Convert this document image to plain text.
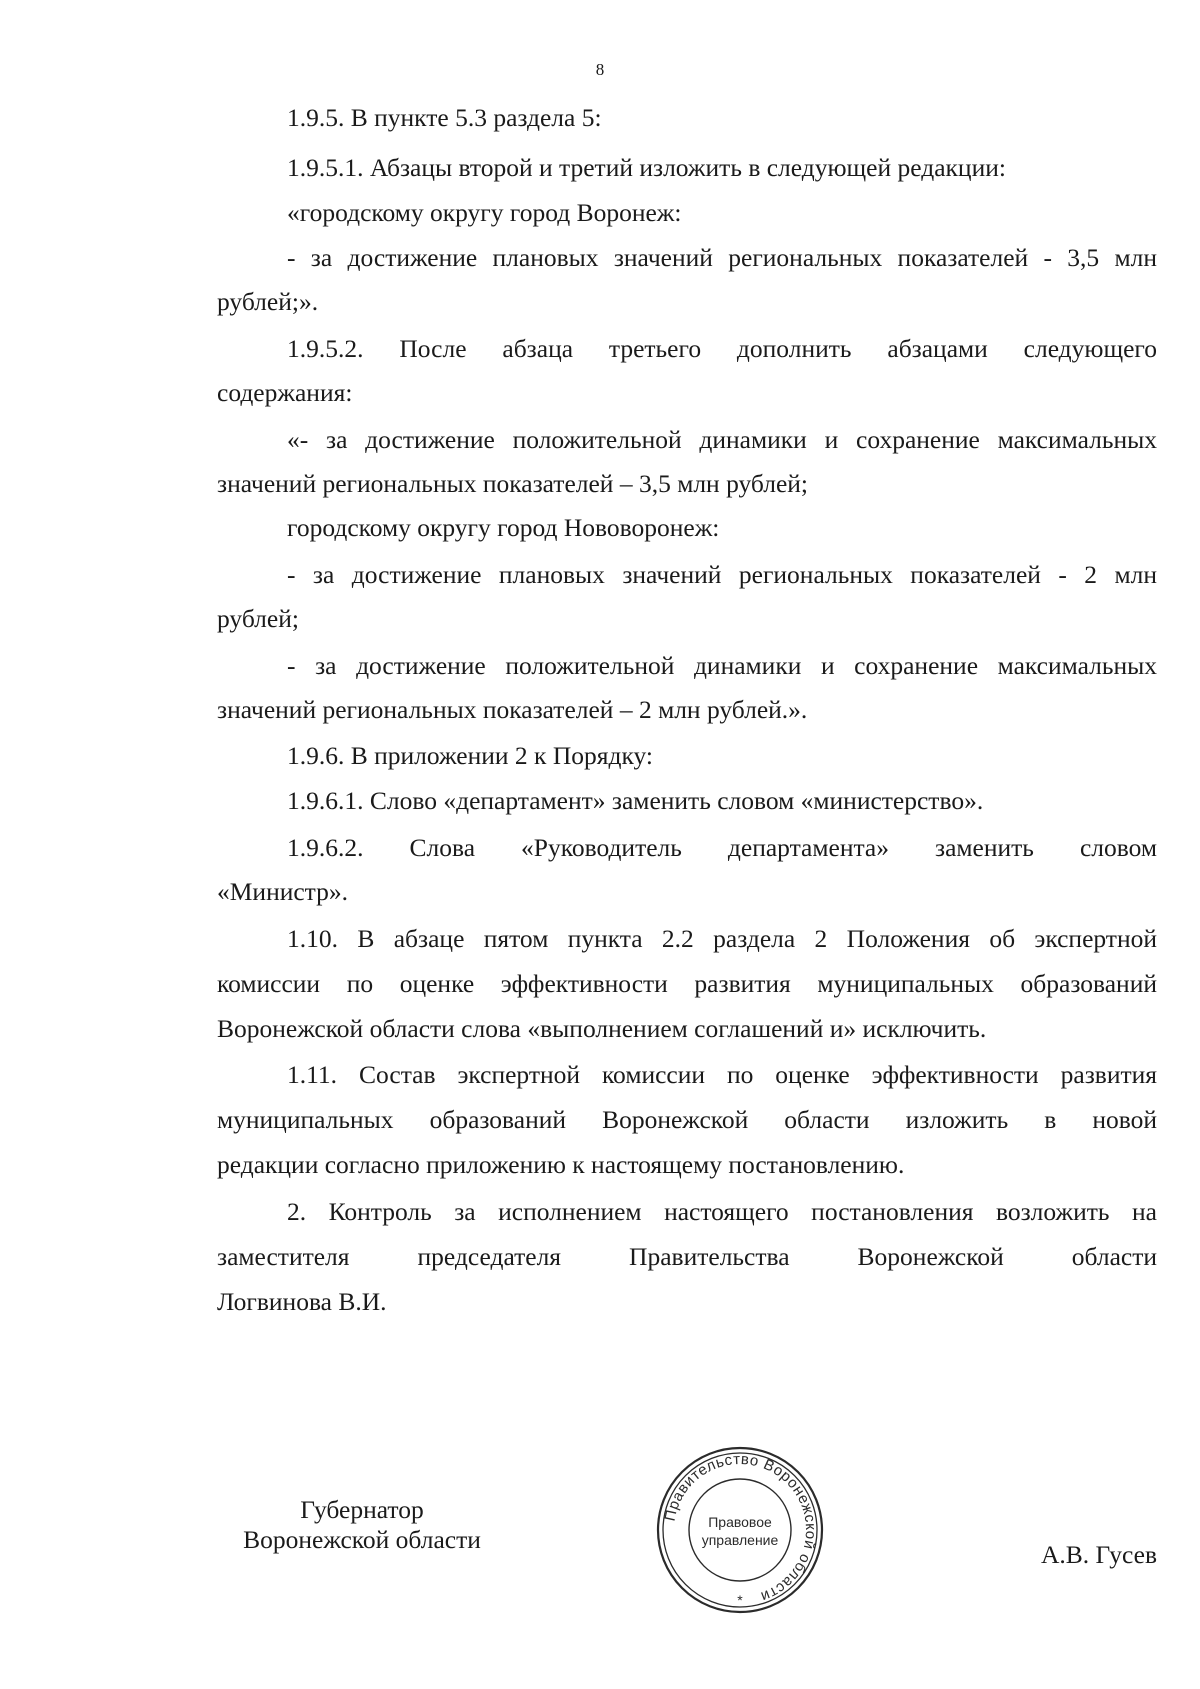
8
1.9.5. В пункте 5.3 раздела 5:
1.9.5.1. Абзацы второй и третий изложить в следующей редакции:
«городскому округу город Воронеж:
- за достижение плановых значений региональных показателей - 3,5 млн
рублей;».
1.9.5.2. После абзаца третьего дополнить абзацами следующего
содержания:
«- за достижение положительной динамики и сохранение максимальных
значений региональных показателей – 3,5 млн рублей;
городскому округу город Нововоронеж:
- за достижение плановых значений региональных показателей - 2 млн
рублей;
- за достижение положительной динамики и сохранение максимальных
значений региональных показателей – 2 млн рублей.».
1.9.6. В приложении 2 к Порядку:
1.9.6.1. Слово «департамент» заменить словом «министерство».
1.9.6.2. Слова «Руководитель департамента» заменить словом
«Министр».
1.10. В абзаце пятом пункта 2.2 раздела 2 Положения об экспертной
комиссии по оценке эффективности развития муниципальных образований
Воронежской области слова «выполнением соглашений и» исключить.
1.11. Состав экспертной комиссии по оценке эффективности развития
муниципальных образований Воронежской области изложить в новой
редакции согласно приложению к настоящему постановлению.
2. Контроль за исполнением настоящего постановления возложить на
заместителя председателя Правительства Воронежской области
Логвинова В.И.
Губернатор
Воронежской области
Правительство Воронежской области
Правовое
управление
*
А.В. Гусев
